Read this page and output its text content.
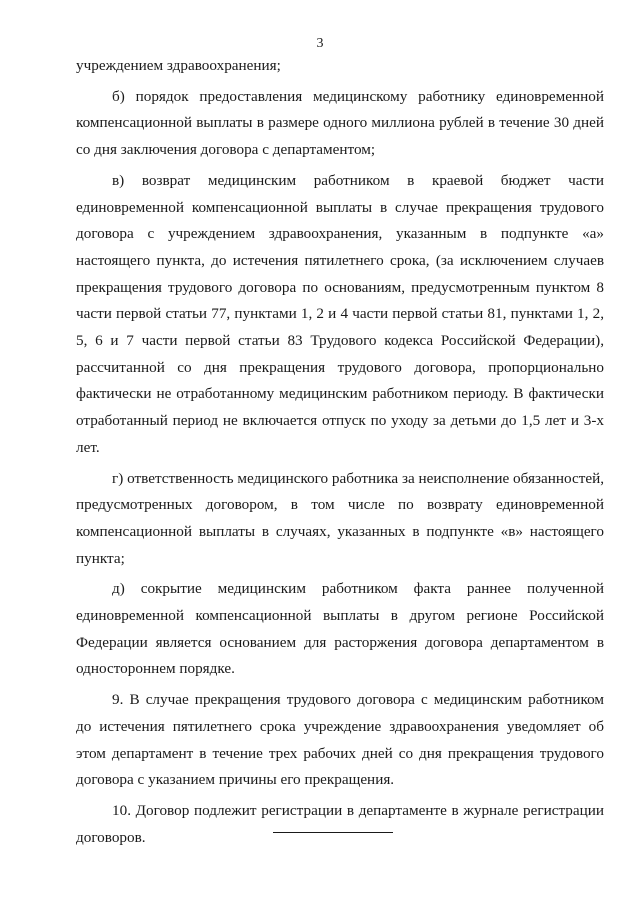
3

учреждением здравоохранения;

б) порядок предоставления медицинскому работнику единовременной компенсационной выплаты в размере одного миллиона рублей в течение 30 дней со дня заключения договора с департаментом;

в) возврат медицинским работником в краевой бюджет части единовременной компенсационной выплаты в случае прекращения трудового договора с учреждением здравоохранения, указанным в подпункте «а» настоящего пункта, до истечения пятилетнего срока, (за исключением случаев прекращения трудового договора по основаниям, предусмотренным пунктом 8 части первой статьи 77, пунктами 1, 2 и 4 части первой статьи 81, пунктами 1, 2, 5, 6 и 7 части первой статьи 83 Трудового кодекса Российской Федерации), рассчитанной со дня прекращения трудового договора, пропорционально фактически не отработанному медицинским работником периоду. В фактически отработанный период не включается отпуск по уходу за детьми до 1,5 лет и 3-х лет.

г) ответственность медицинского работника за неисполнение обязанностей, предусмотренных договором, в том числе по возврату единовременной компенсационной выплаты в случаях, указанных в подпункте «в» настоящего пункта;

д) сокрытие медицинским работником факта раннее полученной единовременной компенсационной выплаты в другом регионе Российской Федерации является основанием для расторжения договора департаментом в одностороннем порядке.

9. В случае прекращения трудового договора с медицинским работником до истечения пятилетнего срока учреждение здравоохранения уведомляет об этом департамент в течение трех рабочих дней со дня прекращения трудового договора с указанием причины его прекращения.

10. Договор подлежит регистрации в департаменте в журнале регистрации договоров.
